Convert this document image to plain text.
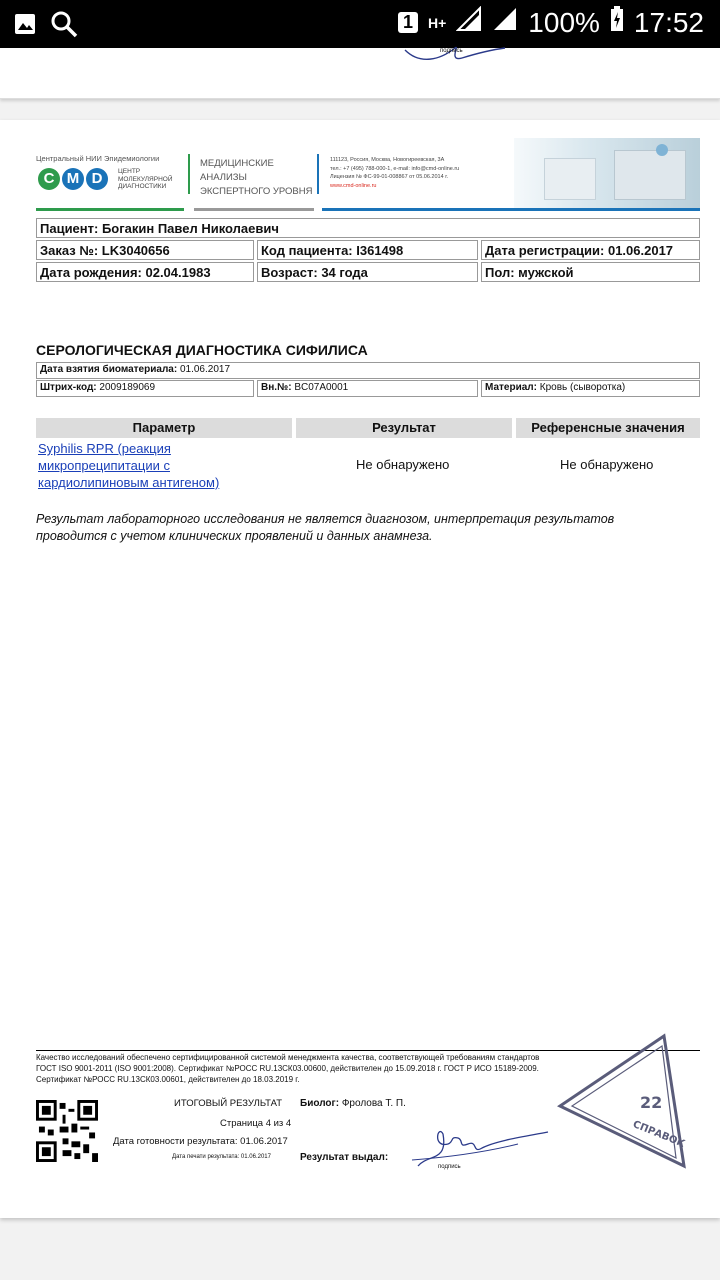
1	H+	100% 17:52
подпись
Центральный НИИ Эпидемиологии
C M D	ЦЕНТР
МОЛЕКУЛЯРНОЙ
ДИАГНОСТИКИ
МЕДИЦИНСКИЕ
АНАЛИЗЫ
ЭКСПЕРТНОГО УРОВНЯ
111123, Россия, Москва, Новогиреевская, 3А
тел.: +7 (495) 788-000-1, e-mail: info@cmd-online.ru
Лицензия № ФС-99-01-008867 от 05.06.2014 г.
www.cmd-online.ru
Пациент: Богакин Павел Николаевич
Заказ №: LK3040656	Код пациента: I361498	Дата регистрации: 01.06.2017
Дата рождения: 02.04.1983	Возраст: 34 года	Пол: мужской
СЕРОЛОГИЧЕСКАЯ ДИАГНОСТИКА СИФИЛИСА
Дата взятия биоматериала: 01.06.2017
Штрих-код: 2009189069	Вн.№: BC07A0001	Материал: Кровь (сыворотка)
Параметр	Результат	Референсные значения
Syphilis RPR (реакция
микропреципитации с
кардиолипиновым антигеном)
Не обнаружено	Не обнаружено
Результат лабораторного исследования не является диагнозом, интерпретация результатов
проводится с учетом клинических проявлений и данных анамнеза.
Качество исследований обеспечено сертифицированной системой менеджмента качества, соответствующей требованиям стандартов
ГОСТ ISO 9001-2011 (ISO 9001:2008). Сертификат №РОСС RU.13СК03.00600, действителен до 15.09.2018 г. ГОСТ Р ИСО 15189-2009.
Сертификат №РОСС RU.13СК03.00601, действителен до 18.03.2019 г.
ИТОГОВЫЙ РЕЗУЛЬТАТ
Страница 4 из 4
Дата готовности результата: 01.06.2017
Дата печати результата: 01.06.2017
Биолог: Фролова Т. П.
Результат выдал:
подпись
22
СПРАВОК
